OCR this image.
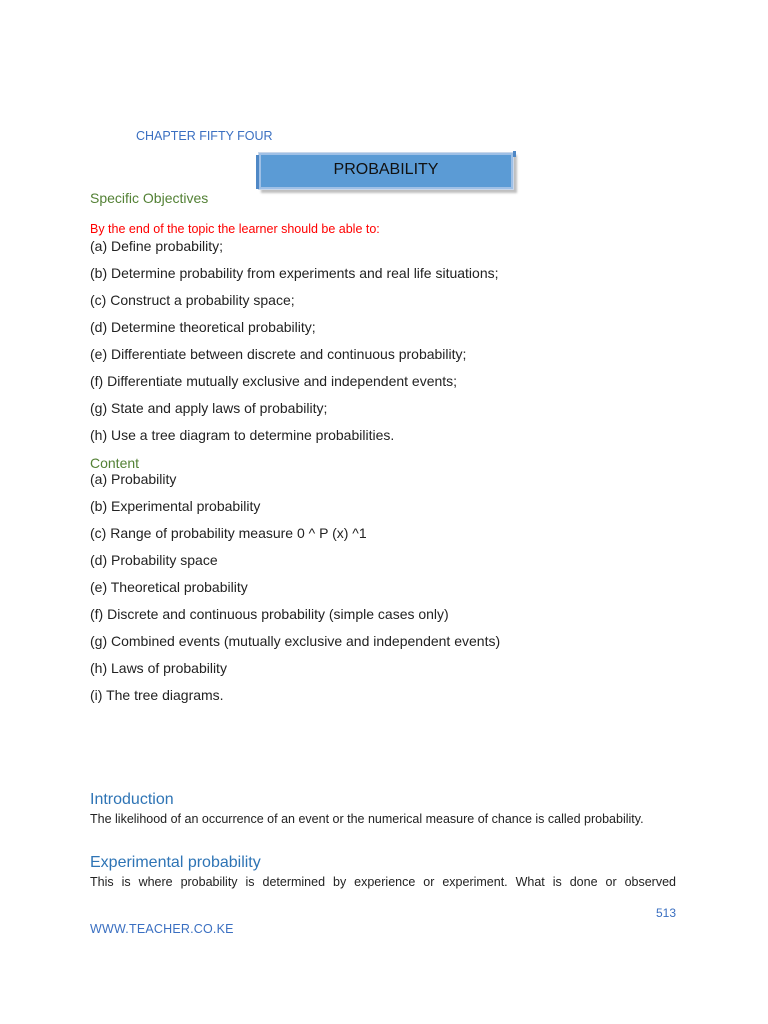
CHAPTER FIFTY FOUR
PROBABILITY
Specific Objectives
By the end of the topic the learner should be able to:
(a) Define probability;
(b) Determine probability from experiments and real life situations;
(c) Construct a probability space;
(d) Determine theoretical probability;
(e) Differentiate between discrete and continuous probability;
(f) Differentiate mutually exclusive and independent events;
(g) State and apply laws of probability;
(h) Use a tree diagram to determine probabilities.
Content
(a) Probability
(b) Experimental probability
(c) Range of probability measure 0 ^ P (x) ^1
(d) Probability space
(e) Theoretical probability
(f) Discrete and continuous probability (simple cases only)
(g) Combined events (mutually exclusive and independent events)
(h) Laws of probability
(i) The tree diagrams.
Introduction
The likelihood of an occurrence of an event or the numerical measure of chance is called probability.
Experimental probability
This is where probability is determined by experience or experiment. What is done or observed
513
WWW.TEACHER.CO.KE
